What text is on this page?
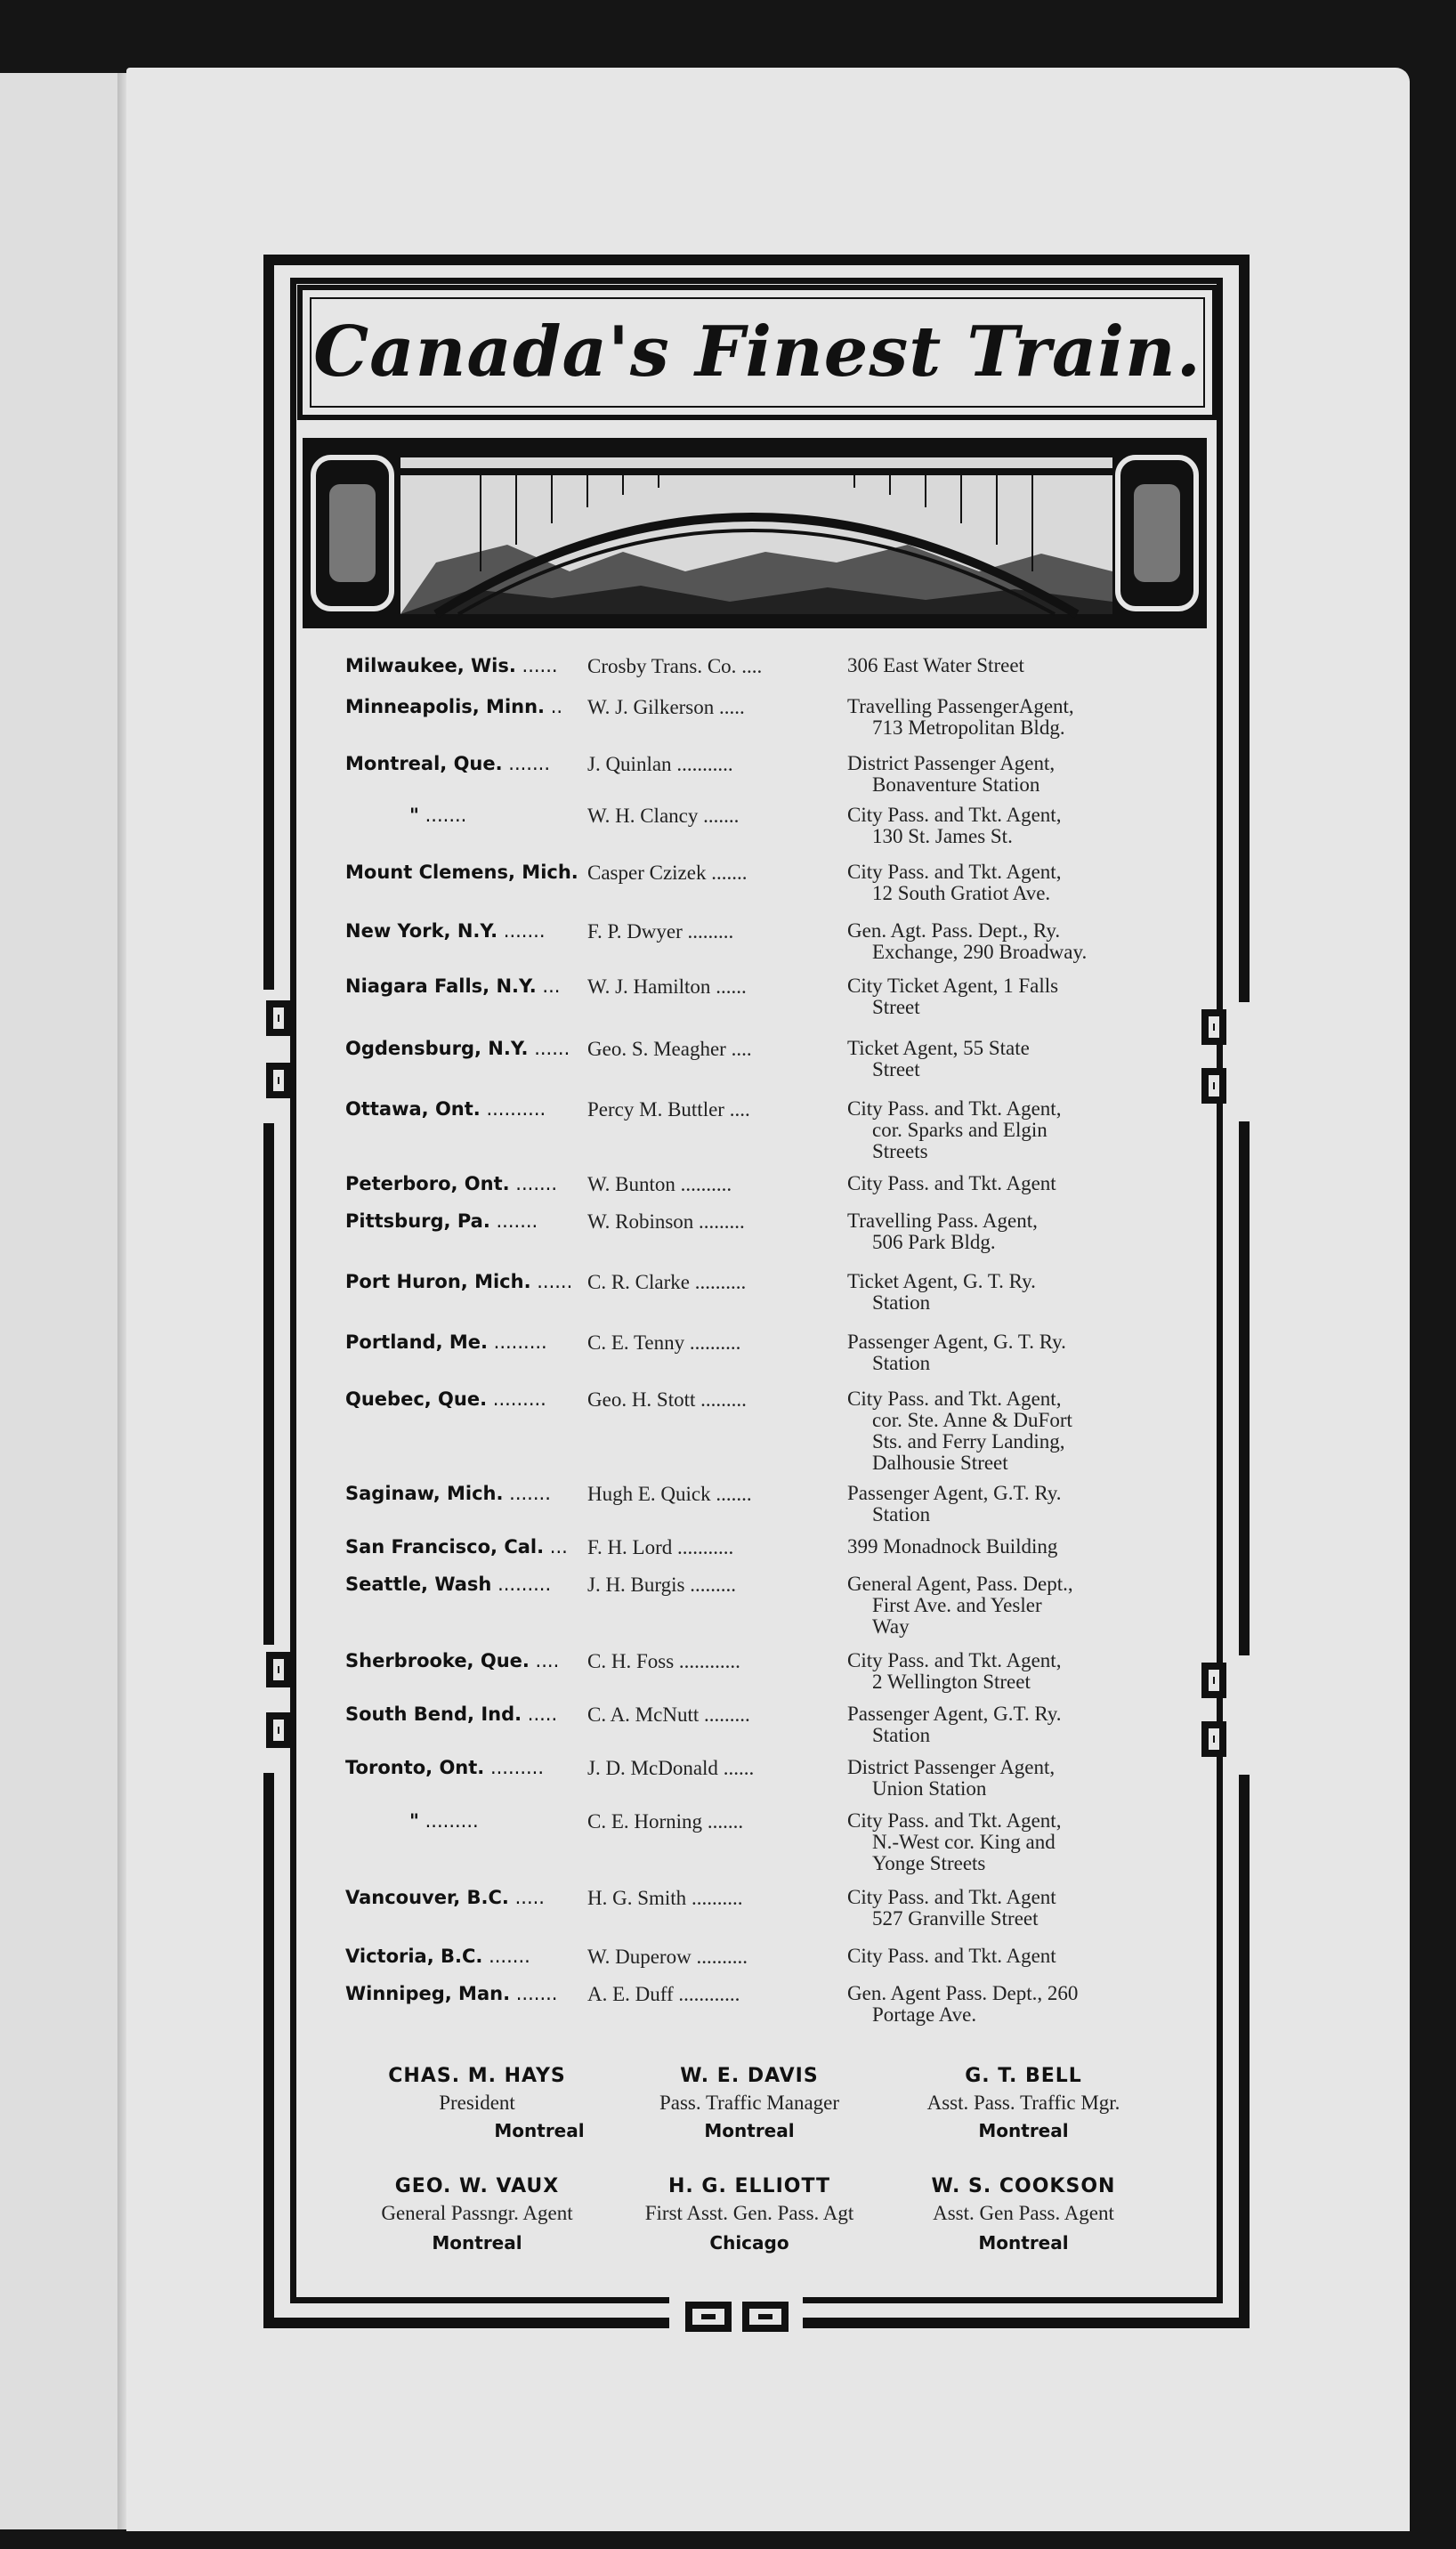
Canada's Finest Train.
Milwaukee, Wis. ......	Crosby Trans. Co. ....	306 East Water Street
Minneapolis, Minn. ..	W. J. Gilkerson .....	Travelling PassengerAgent,
713 Metropolitan Bldg.
Montreal, Que. .......	J. Quinlan ...........	District Passenger Agent,
Bonaventure Station
" .......	W. H. Clancy .......	City Pass. and Tkt. Agent,
130 St. James St.
Mount Clemens, Mich. Casper Czizek .......	City Pass. and Tkt. Agent,
12 South Gratiot Ave.
New York, N.Y. .......	F. P. Dwyer .........	Gen. Agt. Pass. Dept., Ry.
Exchange, 290 Broadway.
Niagara Falls, N.Y. ...	W. J. Hamilton ......	City Ticket Agent, 1 Falls
Street
Ogdensburg, N.Y. ...... Geo. S. Meagher ....	Ticket Agent, 55 State
Street
Ottawa, Ont. ..........	Percy M. Buttler ....	City Pass. and Tkt. Agent,
cor. Sparks and Elgin
Streets
Peterboro, Ont. .......	W. Bunton ..........	City Pass. and Tkt. Agent
Pittsburg, Pa. .......	W. Robinson .........	Travelling Pass. Agent,
506 Park Bldg.
Port Huron, Mich. ...... C. R. Clarke ..........	Ticket Agent, G. T. Ry.
Station
Portland, Me. .........	C. E. Tenny ..........	Passenger Agent, G. T. Ry.
Station
Quebec, Que. .........	Geo. H. Stott .........	City Pass. and Tkt. Agent,
cor. Ste. Anne & DuFort
Sts. and Ferry Landing,
Dalhousie Street
Saginaw, Mich. .......	Hugh E. Quick .......	Passenger Agent, G.T. Ry.
Station
San Francisco, Cal. ... F. H. Lord ...........	399 Monadnock Building
Seattle, Wash .........	J. H. Burgis .........	General Agent, Pass. Dept.,
First Ave. and Yesler
Way
Sherbrooke, Que. ....	C. H. Foss ............	City Pass. and Tkt. Agent,
2 Wellington Street
South Bend, Ind. .....	C. A. McNutt .........	Passenger Agent, G.T. Ry.
Station
Toronto, Ont. .........	J. D. McDonald ......	District Passenger Agent,
Union Station
" .........	C. E. Horning .......	City Pass. and Tkt. Agent,
N.-West cor. King and
Yonge Streets
Vancouver, B.C. .....	H. G. Smith ..........	City Pass. and Tkt. Agent
527 Granville Street
Victoria, B.C. .......	W. Duperow ..........	City Pass. and Tkt. Agent
Winnipeg, Man. .......	A. E. Duff ............	Gen. Agent Pass. Dept., 260
Portage Ave.
CHAS. M. HAYS
President
Montreal
W. E. DAVIS
Pass. Traffic Manager
Montreal
G. T. BELL
Asst. Pass. Traffic Mgr.
Montreal
GEO. W. VAUX
General Passngr. Agent
Montreal
H. G. ELLIOTT
First Asst. Gen. Pass. Agt
Chicago
W. S. COOKSON
Asst. Gen Pass. Agent
Montreal
